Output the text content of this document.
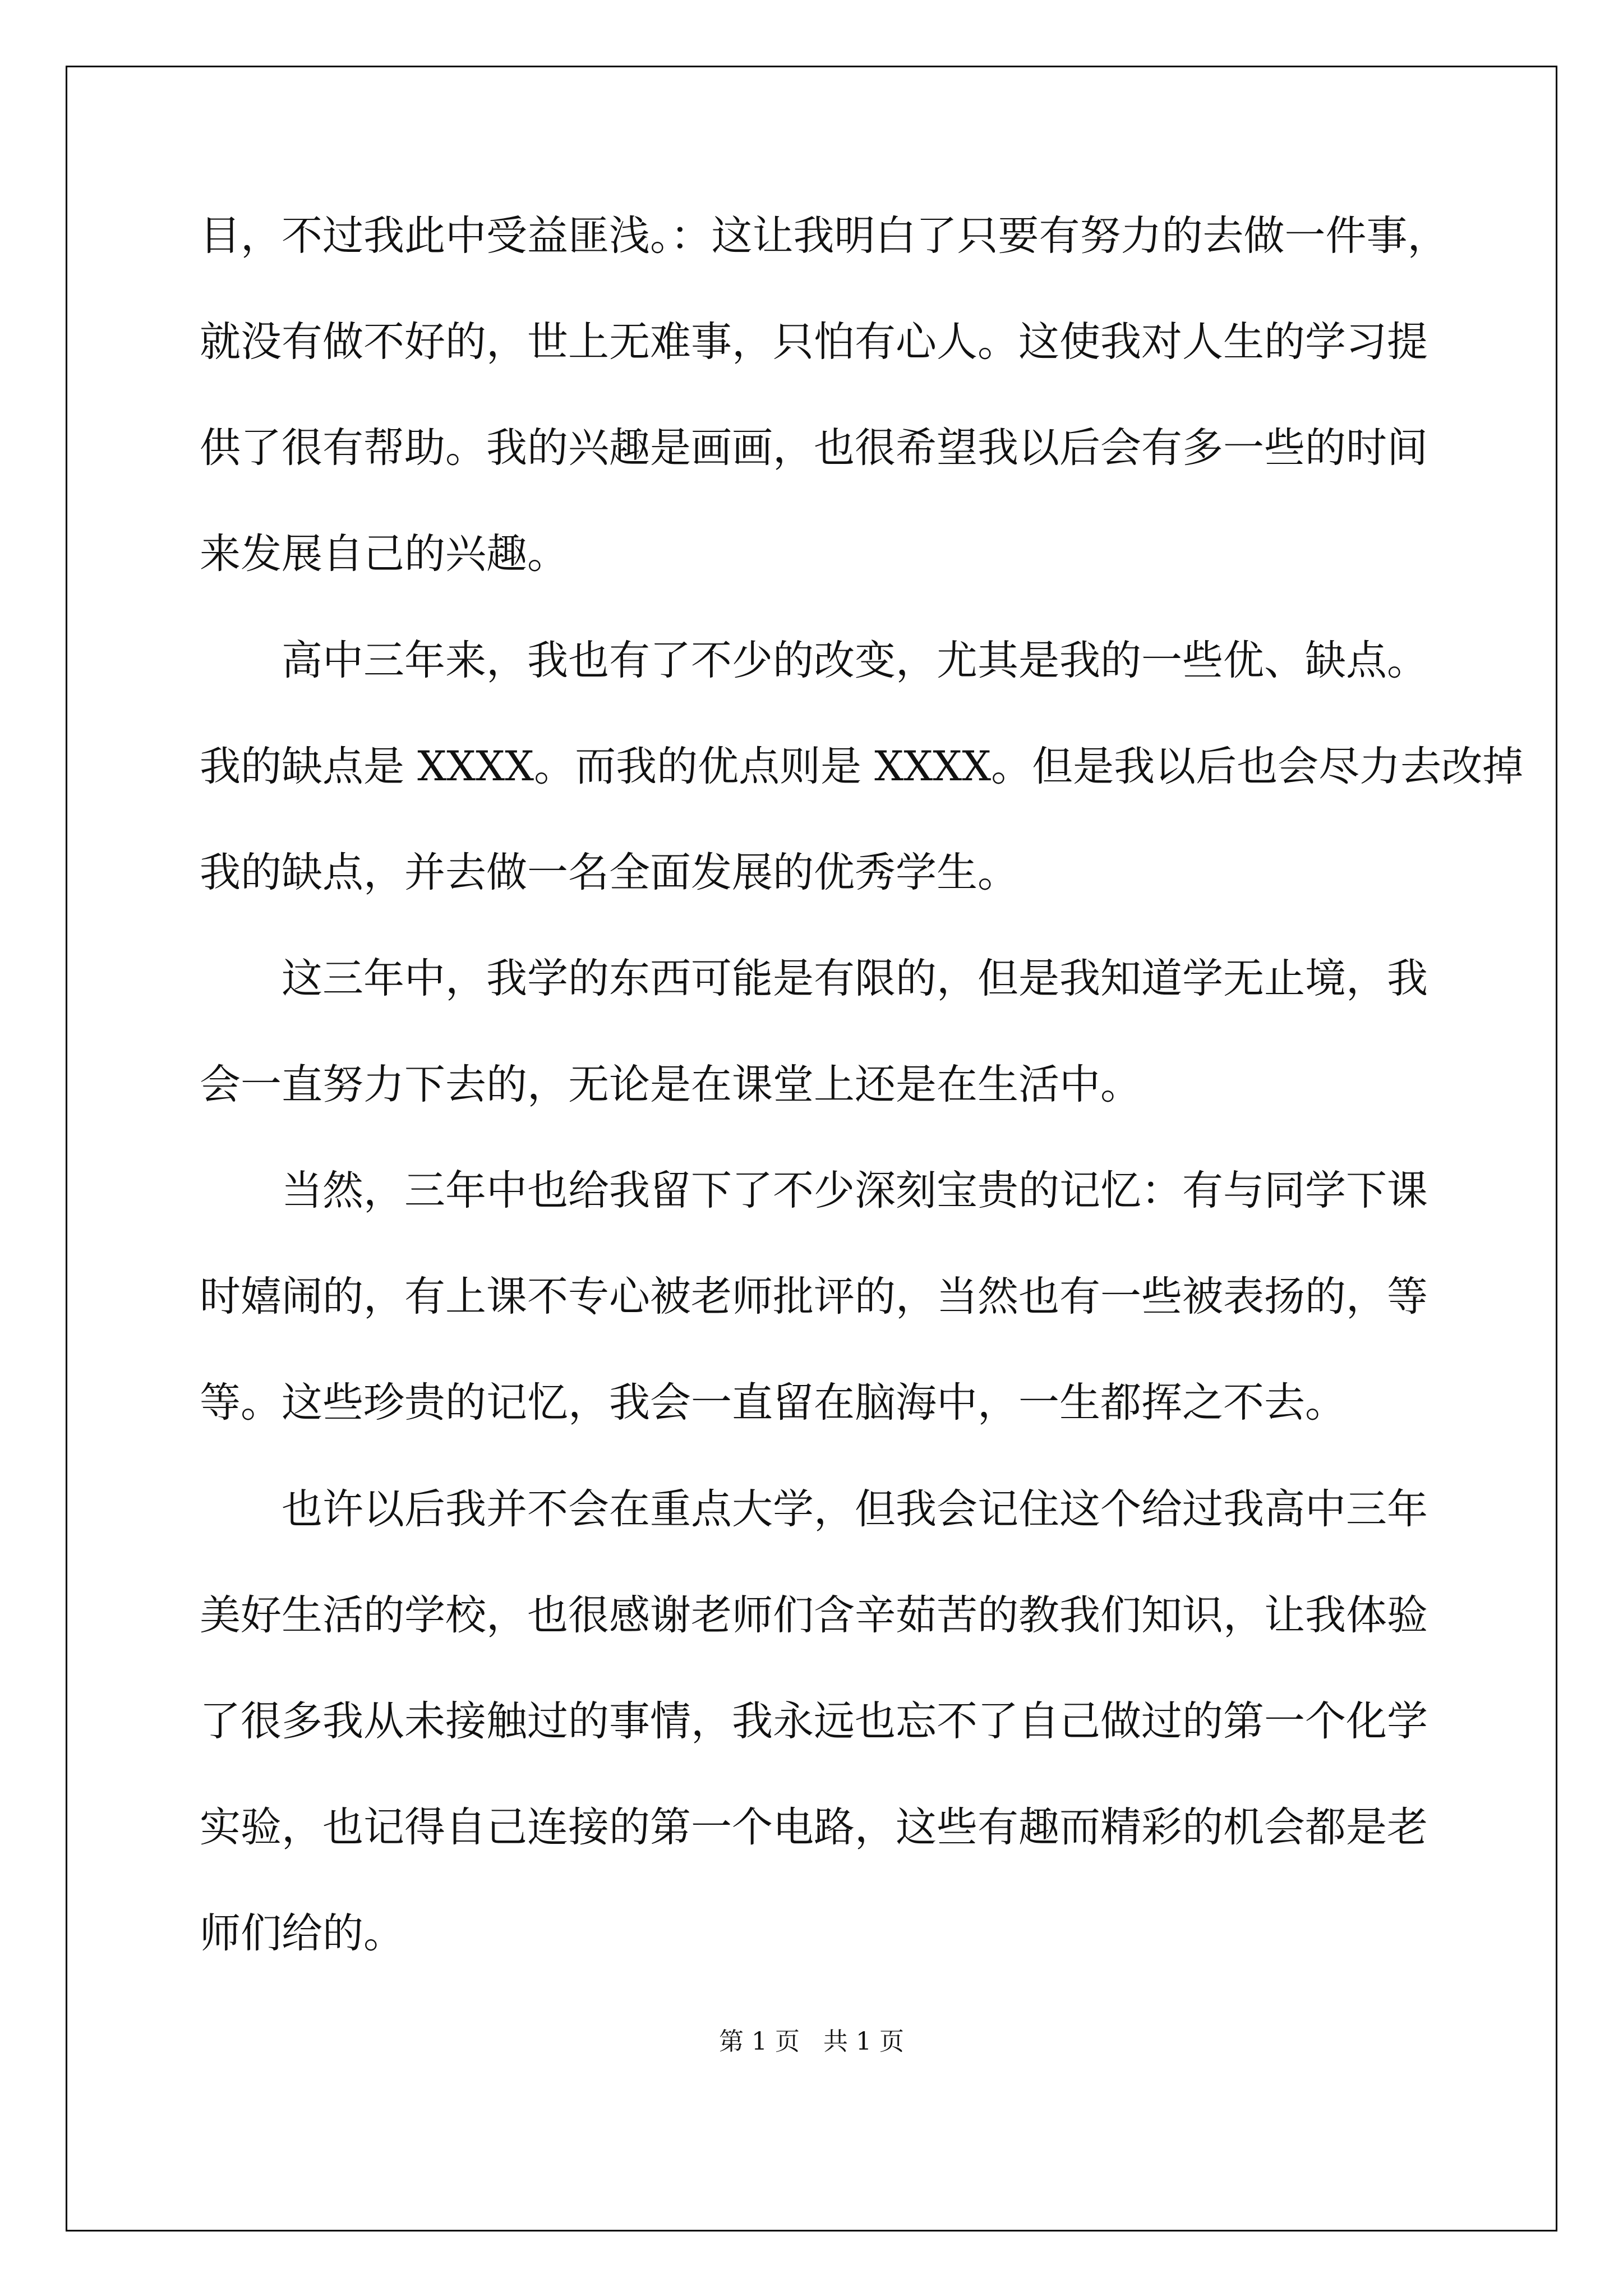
目，不过我此中受益匪浅。：这让我明白了只要有努力的去做一件事，
就没有做不好的，世上无难事，只怕有心人。这使我对人生的学习提
供了很有帮助。我的兴趣是画画，也很希望我以后会有多一些的时间
来发展自己的兴趣。
高中三年来，我也有了不少的改变，尤其是我的一些优、缺点。
我的缺点是 XXXX。而我的优点则是 XXXX。但是我以后也会尽力去改掉
我的缺点，并去做一名全面发展的优秀学生。
这三年中，我学的东西可能是有限的，但是我知道学无止境，我
会一直努力下去的，无论是在课堂上还是在生活中。
当然，三年中也给我留下了不少深刻宝贵的记忆：有与同学下课
时嬉闹的，有上课不专心被老师批评的，当然也有一些被表扬的，等
等。这些珍贵的记忆，我会一直留在脑海中，一生都挥之不去。
也许以后我并不会在重点大学，但我会记住这个给过我高中三年
美好生活的学校，也很感谢老师们含辛茹苦的教我们知识，让我体验
了很多我从未接触过的事情，我永远也忘不了自己做过的第一个化学
实验，也记得自己连接的第一个电路，这些有趣而精彩的机会都是老
师们给的。
第 1 页   共 1 页
